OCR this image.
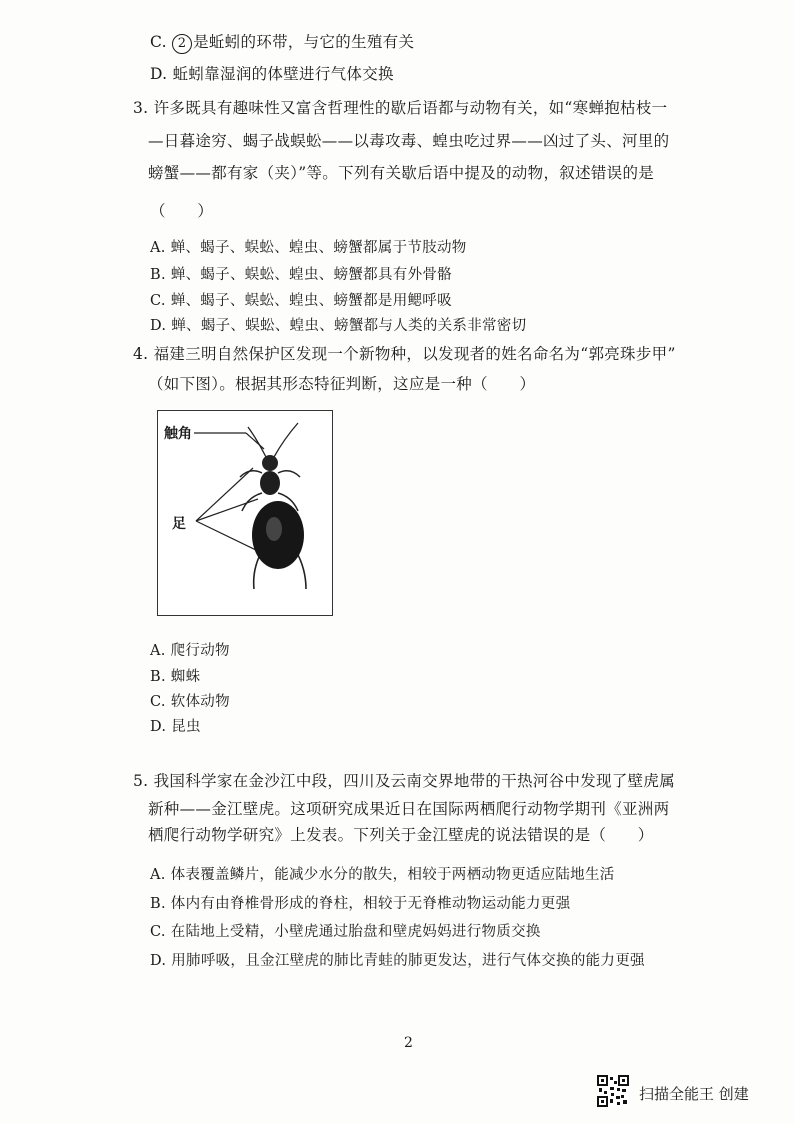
C. 2 是蚯蚓的环带，与它的生殖有关
D. 蚯蚓靠湿润的体壁进行气体交换
3. 许多既具有趣味性又富含哲理性的歇后语都与动物有关，如“寒蝉抱枯枝一
—日暮途穷、蝎子战蜈蚣——以毒攻毒、蝗虫吃过界——凶过了头、河里的
螃蟹——都有家（夹）”等。下列有关歇后语中提及的动物，叙述错误的是
（　　）
A. 蝉、蝎子、蜈蚣、蝗虫、螃蟹都属于节肢动物
B. 蝉、蝎子、蜈蚣、蝗虫、螃蟹都具有外骨骼
C. 蝉、蝎子、蜈蚣、蝗虫、螃蟹都是用鳃呼吸
D. 蝉、蝎子、蜈蚣、蝗虫、螃蟹都与人类的关系非常密切
4. 福建三明自然保护区发现一个新物种，以发现者的姓名命名为“郭亮珠步甲”
（如下图）。根据其形态特征判断，这应是一种（　　）
触角
足
A. 爬行动物
B. 蜘蛛
C. 软体动物
D. 昆虫
5. 我国科学家在金沙江中段，四川及云南交界地带的干热河谷中发现了壁虎属
新种——金江壁虎。这项研究成果近日在国际两栖爬行动物学期刊《亚洲两
栖爬行动物学研究》上发表。下列关于金江壁虎的说法错误的是（　　）
A. 体表覆盖鳞片，能减少水分的散失，相较于两栖动物更适应陆地生活
B. 体内有由脊椎骨形成的脊柱，相较于无脊椎动物运动能力更强
C. 在陆地上受精，小壁虎通过胎盘和壁虎妈妈进行物质交换
D. 用肺呼吸，且金江壁虎的肺比青蛙的肺更发达，进行气体交换的能力更强
2
扫描全能王 创建
